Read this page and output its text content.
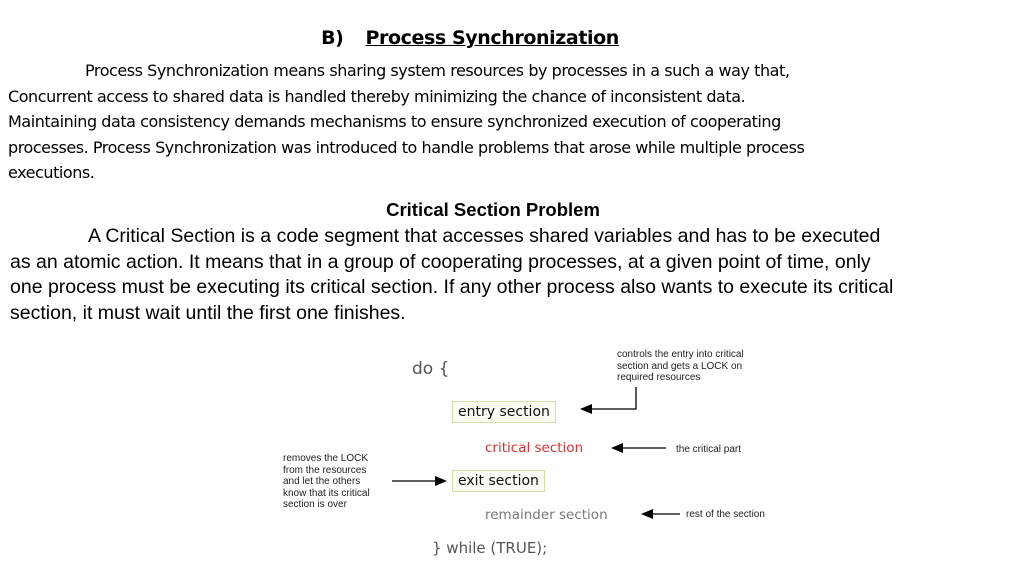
B) Process Synchronization

Process Synchronization means sharing system resources by processes in a such a way that,

Concurrent access to shared data is handled thereby minimizing the chance of inconsistent data.

Maintaining data consistency demands mechanisms to ensure synchronized execution of cooperating

processes. Process Synchronization was introduced to handle problems that arose while multiple process

executions.

Critical Section Problem

A Critical Section is a code segment that accesses shared variables and has to be executed

as an atomic action. It means that in a group of cooperating processes, at a given point of time, only

one process must be executing its critical section. If any other process also wants to execute its critical

section, it must wait until the first one finishes.

do {
entry section
critical section
exit section
remainder section
} while (TRUE);

controls the entry into critical

section and gets a LOCK on

required resources

the critical part

removes the LOCK

from the resources

and let the others

know that its critical

section is over

rest of the section
